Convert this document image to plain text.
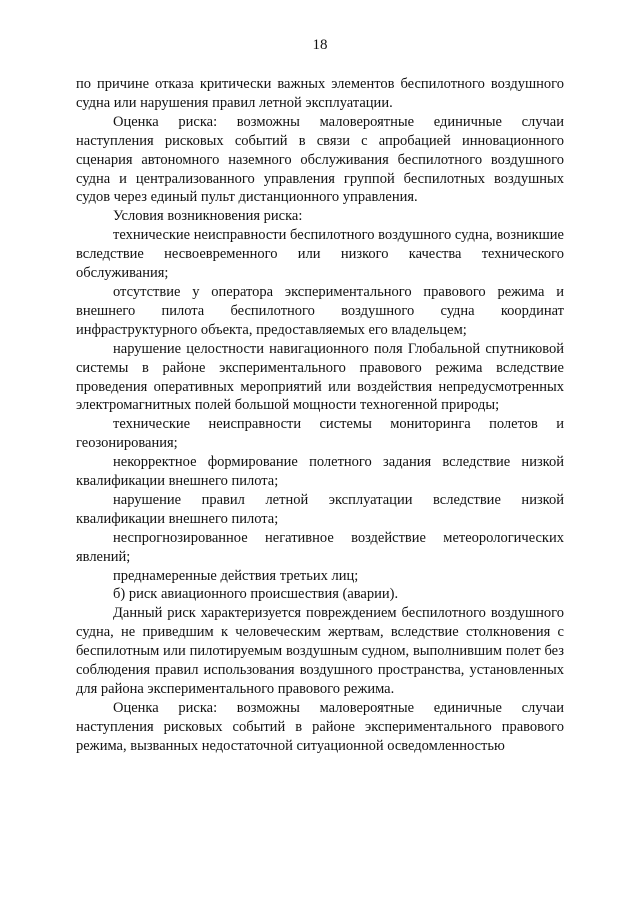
18

по причине отказа критически важных элементов беспилотного воздушного судна или нарушения правил летной эксплуатации.

Оценка риска: возможны маловероятные единичные случаи наступления рисковых событий в связи с апробацией инновационного сценария автономного наземного обслуживания беспилотного воздушного судна и централизованного управления группой беспилотных воздушных судов через единый пульт дистанционного управления.

Условия возникновения риска:

технические неисправности беспилотного воздушного судна, возникшие вследствие несвоевременного или низкого качества технического обслуживания;

отсутствие у оператора экспериментального правового режима и внешнего пилота беспилотного воздушного судна координат инфраструктурного объекта, предоставляемых его владельцем;

нарушение целостности навигационного поля Глобальной спутниковой системы в районе экспериментального правового режима вследствие проведения оперативных мероприятий или воздействия непредусмотренных электромагнитных полей большой мощности техногенной природы;

технические неисправности системы мониторинга полетов и геозонирования;

некорректное формирование полетного задания вследствие низкой квалификации внешнего пилота;

нарушение правил летной эксплуатации вследствие низкой квалификации внешнего пилота;

неспрогнозированное негативное воздействие метеорологических явлений;

преднамеренные действия третьих лиц;

б) риск авиационного происшествия (аварии).

Данный риск характеризуется повреждением беспилотного воздушного судна, не приведшим к человеческим жертвам, вследствие столкновения с беспилотным или пилотируемым воздушным судном, выполнившим полет без соблюдения правил использования воздушного пространства, установленных для района экспериментального правового режима.

Оценка риска: возможны маловероятные единичные случаи наступления рисковых событий в районе экспериментального правового режима, вызванных недостаточной ситуационной осведомленностью
